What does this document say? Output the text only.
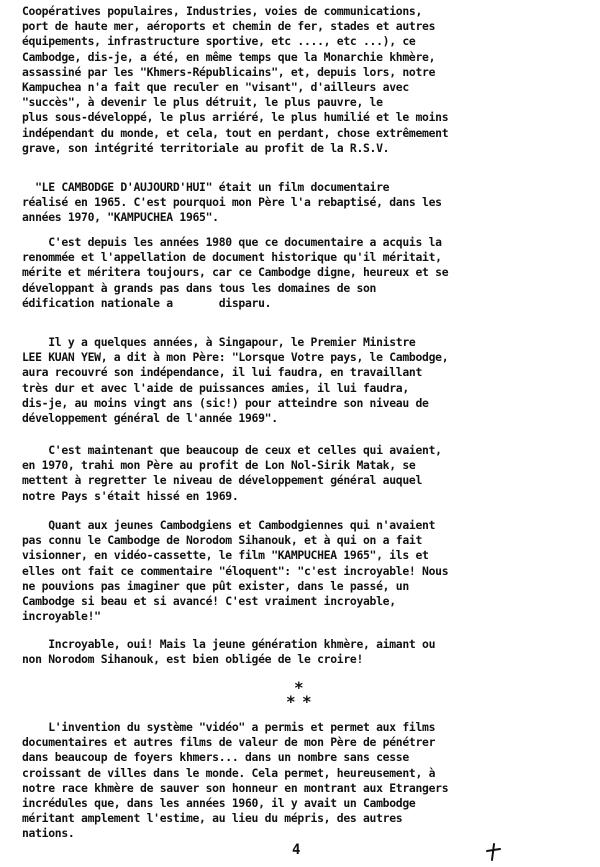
Coopératives populaires, Industries, voies de communications,
port de haute mer, aéroports et chemin de fer, stades et autres
équipements, infrastructure sportive, etc ...., etc ...), ce
Cambodge, dis-je, a été, en même temps que la Monarchie khmère,
assassiné par les "Khmers-Républicains", et, depuis lors, notre
Kampuchea n'a fait que reculer en "visant", d'ailleurs avec
"succès", à devenir le plus détruit, le plus pauvre, le
plus sous-développé, le plus arriéré, le plus humilié et le moins
indépendant du monde, et cela, tout en perdant, chose extrêmement
grave, son intégrité territoriale au profit de la R.S.V.
"LE CAMBODGE D'AUJOURD'HUI" était un film documentaire
réalisé en 1965. C'est pourquoi mon Père l'a rebaptisé, dans les
années 1970, "KAMPUCHEA 1965".
C'est depuis les années 1980 que ce documentaire a acquis la
renommée et l'appellation de document historique qu'il méritait,
mérite et méritera toujours, car ce Cambodge digne, heureux et se
développant à grands pas dans tous les domaines de son
édification nationale a       disparu.
Il y a quelques années, à Singapour, le Premier Ministre
LEE KUAN YEW, a dit à mon Père: "Lorsque Votre pays, le Cambodge,
aura recouvré son indépendance, il lui faudra, en travaillant
très dur et avec l'aide de puissances amies, il lui faudra,
dis-je, au moins vingt ans (sic!) pour atteindre son niveau de
développement général de l'année 1969".
C'est maintenant que beaucoup de ceux et celles qui avaient,
en 1970, trahi mon Père au profit de Lon Nol-Sirik Matak, se
mettent à regretter le niveau de développement général auquel
notre Pays s'était hissé en 1969.
Quant aux jeunes Cambodgiens et Cambodgiennes qui n'avaient
pas connu le Cambodge de Norodom Sihanouk, et à qui on a fait
visionner, en vidéo-cassette, le film "KAMPUCHEA 1965", ils et
elles ont fait ce commentaire "éloquent": "c'est incroyable! Nous
ne pouvions pas imaginer que pût exister, dans le passé, un
Cambodge si beau et si avancé! C'est vraiment incroyable,
incroyable!"
Incroyable, oui! Mais la jeune génération khmère, aimant ou
non Norodom Sihanouk, est bien obligée de le croire!
*
* *
L'invention du système "vidéo" a permis et permet aux films
documentaires et autres films de valeur de mon Père de pénétrer
dans beaucoup de foyers khmers... dans un nombre sans cesse
croissant de villes dans le monde. Cela permet, heureusement, à
notre race khmère de sauver son honneur en montrant aux Etrangers
incrédules que, dans les années 1960, il y avait un Cambodge
méritant amplement l'estime, au lieu du mépris, des autres
nations.
4
